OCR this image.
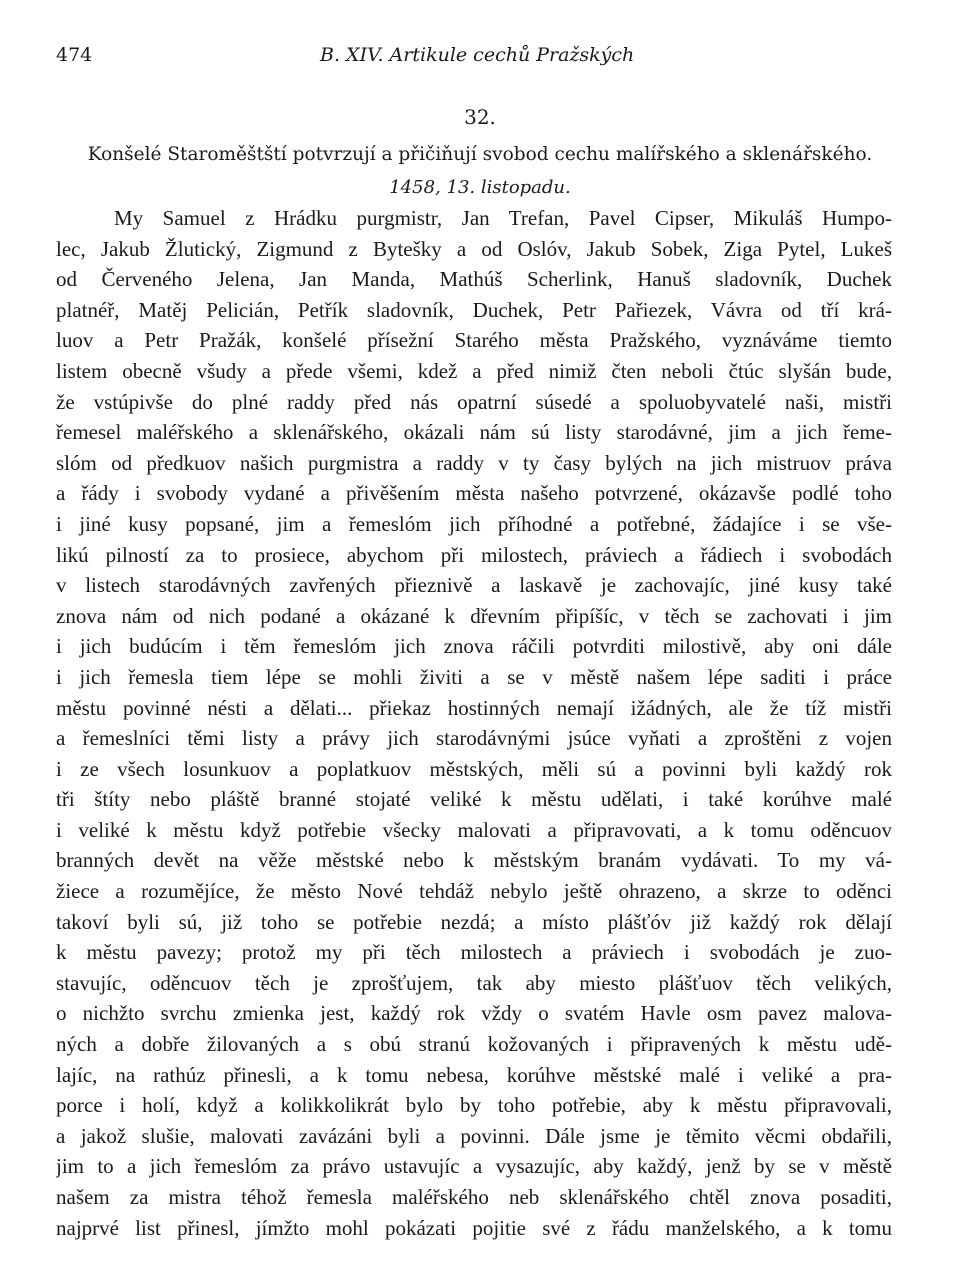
474	B. XIV. Artikule cechů Pražských
32.
Konšelé Staroměštští potvrzují a přičiňují svobod cechu malířského a sklenářského.
1458, 13. listopadu.
My Samuel z Hrádku purgmistr, Jan Trefan, Pavel Cipser, Mikuláš Humpo-
lec, Jakub Žlutický, Zigmund z Bytešky a od Oslóv, Jakub Sobek, Ziga Pytel, Lukeš
od Červeného Jelena, Jan Manda, Mathúš Scherlink, Hanuš sladovník, Duchek
platnéř, Matěj Pelicián, Petřík sladovník, Duchek, Petr Pařiezek, Vávra od tří krá-
luov a Petr Pražák, konšelé přísežní Starého města Pražského, vyznáváme tiemto
listem obecně všudy a přede všemi, kdež a před nimiž čten neboli čtúc slyšán bude,
že vstúpivše do plné raddy před nás opatrní súsedé a spoluobyvatelé naši, mistři
řemesel maléřského a sklenářského, okázali nám sú listy starodávné, jim a jich řeme-
slóm od předkuov našich purgmistra a raddy v ty časy bylých na jich mistruov práva
a řády i svobody vydané a přivěšením města našeho potvrzené, okázavše podlé toho
i jiné kusy popsané, jim a řemeslóm jich příhodné a potřebné, žádajíce i se vše-
likú pilností za to prosiece, abychom při milostech, práviech a řádiech i svobodách
v listech starodávných zavřených přieznivě a laskavě je zachovajíc, jiné kusy také
znova nám od nich podané a okázané k dřevním připíšíc, v těch se zachovati i jim
i jich budúcím i těm řemeslóm jich znova ráčili potvrditi milostivě, aby oni dále
i jich řemesla tiem lépe se mohli živiti a se v městě našem lépe saditi i práce
městu povinné nésti a dělati... přiekaz hostinných nemají ižádných, ale že tíž mistři
a řemeslníci těmi listy a právy jich starodávnými jsúce vyňati a zproštěni z vojen
i ze všech losunkuov a poplatkuov městských, měli sú a povinni byli každý rok
tři štíty nebo pláště branné stojaté veliké k městu udělati, i také korúhve malé
i veliké k městu když potřebie všecky malovati a připravovati, a k tomu oděncuov
branných devět na věže městské nebo k městským branám vydávati. To my vá-
žiece a rozumějíce, že město Nové tehdáž nebylo ještě ohrazeno, a skrze to oděnci
takoví byli sú, již toho se potřebie nezdá; a místo plášťóv již každý rok dělají
k městu pavezy; protož my při těch milostech a práviech i svobodách je zuo-
stavujíc, oděncuov těch je zprošťujem, tak aby miesto plášťuov těch velikých,
o nichžto svrchu zmienka jest, každý rok vždy o svatém Havle osm pavez malova-
ných a dobře žilovaných a s obú stranú kožovaných i připravených k městu udě-
lajíc, na rathúz přinesli, a k tomu nebesa, korúhve městské malé i veliké a pra-
porce i holí, když a kolikkolikrát bylo by toho potřebie, aby k městu připravovali,
a jakož slušie, malovati zavázáni byli a povinni. Dále jsme je těmito věcmi obdařili,
jim to a jich řemeslóm za právo ustavujíc a vysazujíc, aby každý, jenž by se v městě
našem za mistra téhož řemesla maléřského neb sklenářského chtěl znova posaditi,
najprvé list přinesl, jímžto mohl pokázati pojitie své z řádu manželského, a k tomu
